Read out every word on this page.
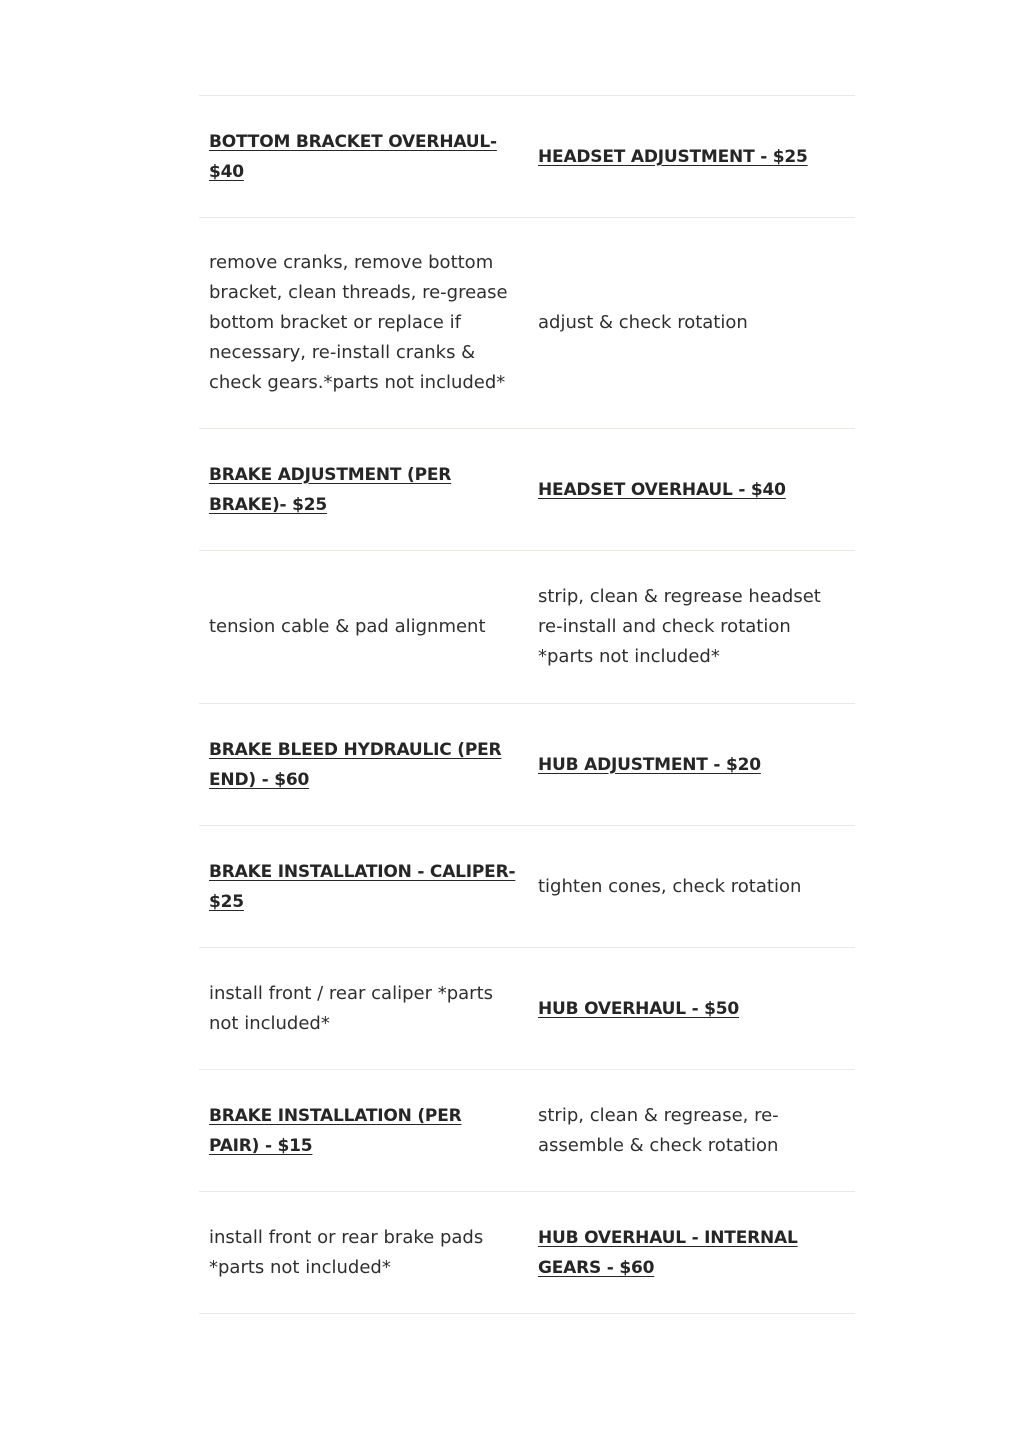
BOTTOM BRACKET OVERHAUL- $40	HEADSET ADJUSTMENT - $25
remove cranks, remove bottom bracket, clean threads, re-grease bottom bracket or replace if necessary, re-install cranks & check gears.*parts not included*	adjust & check rotation
BRAKE ADJUSTMENT (PER BRAKE)- $25	HEADSET OVERHAUL - $40
tension cable & pad alignment	strip, clean & regrease headset re-install and check rotation *parts not included*
BRAKE BLEED HYDRAULIC (PER END) - $60	HUB ADJUSTMENT - $20
BRAKE INSTALLATION - CALIPER- $25	tighten cones, check rotation
install front / rear caliper *parts not included*	HUB OVERHAUL - $50
BRAKE INSTALLATION (PER PAIR) - $15	strip, clean & regrease, re-assemble & check rotation
install front or rear brake pads *parts not included*	HUB OVERHAUL - INTERNAL GEARS - $60
